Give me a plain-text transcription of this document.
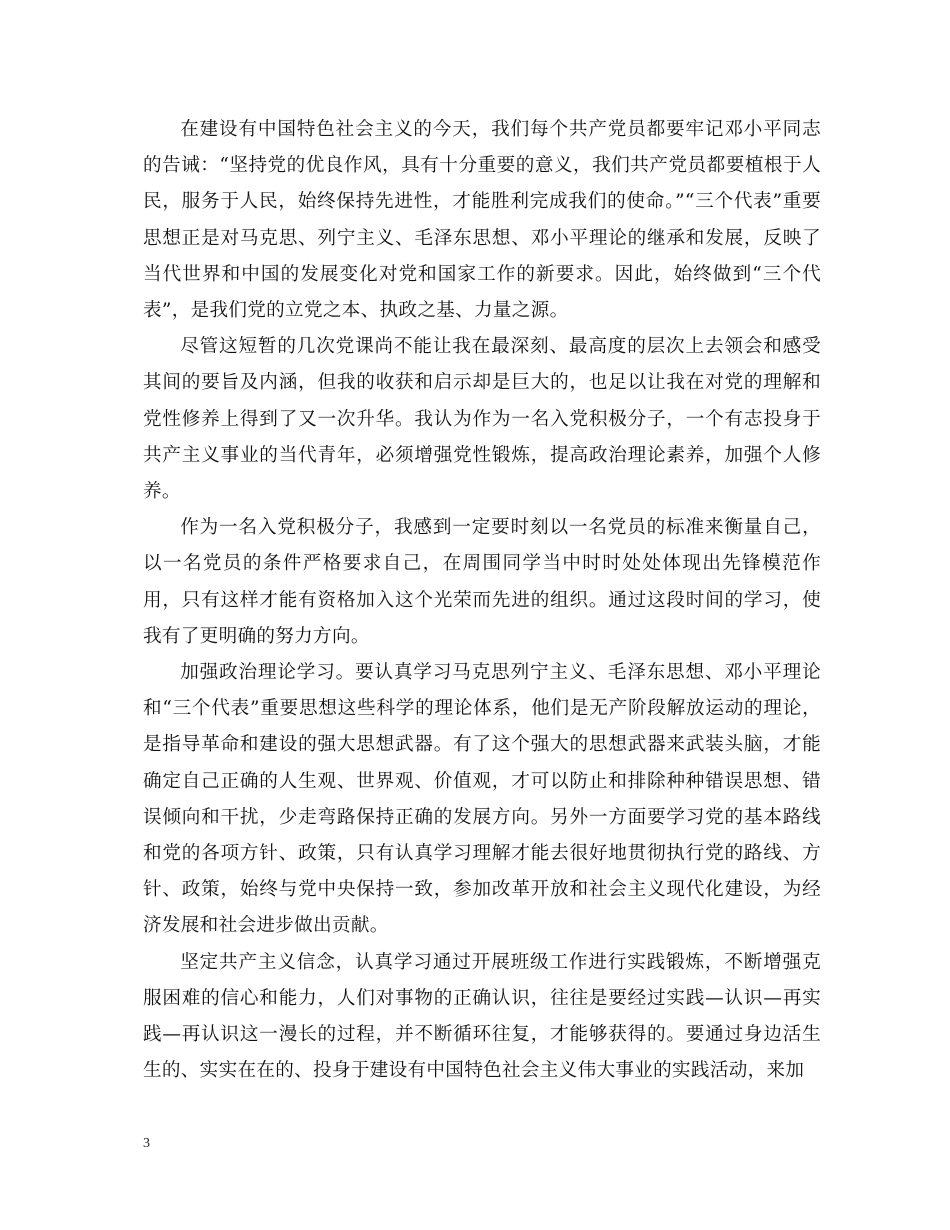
在建设有中国特色社会主义的今天，我们每个共产党员都要牢记邓小平同志的告诫：“坚持党的优良作风，具有十分重要的意义，我们共产党员都要植根于人民，服务于人民，始终保持先进性，才能胜利完成我们的使命。”“三个代表”重要思想正是对马克思、列宁主义、毛泽东思想、邓小平理论的继承和发展，反映了当代世界和中国的发展变化对党和国家工作的新要求。因此，始终做到“三个代表”，是我们党的立党之本、执政之基、力量之源。

尽管这短暂的几次党课尚不能让我在最深刻、最高度的层次上去领会和感受其间的要旨及内涵，但我的收获和启示却是巨大的，也足以让我在对党的理解和党性修养上得到了又一次升华。我认为作为一名入党积极分子，一个有志投身于共产主义事业的当代青年，必须增强党性锻炼，提高政治理论素养，加强个人修养。

作为一名入党积极分子，我感到一定要时刻以一名党员的标准来衡量自己，以一名党员的条件严格要求自己，在周围同学当中时时处处体现出先锋模范作用，只有这样才能有资格加入这个光荣而先进的组织。通过这段时间的学习，使我有了更明确的努力方向。

加强政治理论学习。要认真学习马克思列宁主义、毛泽东思想、邓小平理论和“三个代表”重要思想这些科学的理论体系，他们是无产阶段解放运动的理论，是指导革命和建设的强大思想武器。有了这个强大的思想武器来武装头脑，才能确定自己正确的人生观、世界观、价值观，才可以防止和排除种种错误思想、错误倾向和干扰，少走弯路保持正确的发展方向。另外一方面要学习党的基本路线和党的各项方针、政策，只有认真学习理解才能去很好地贯彻执行党的路线、方针、政策，始终与党中央保持一致，参加改革开放和社会主义现代化建设，为经济发展和社会进步做出贡献。

坚定共产主义信念，认真学习通过开展班级工作进行实践锻炼，不断增强克服困难的信心和能力，人们对事物的正确认识，往往是要经过实践—认识—再实践—再认识这一漫长的过程，并不断循环往复，才能够获得的。要通过身边活生生的、实实在在的、投身于建设有中国特色社会主义伟大事业的实践活动，来加

3
